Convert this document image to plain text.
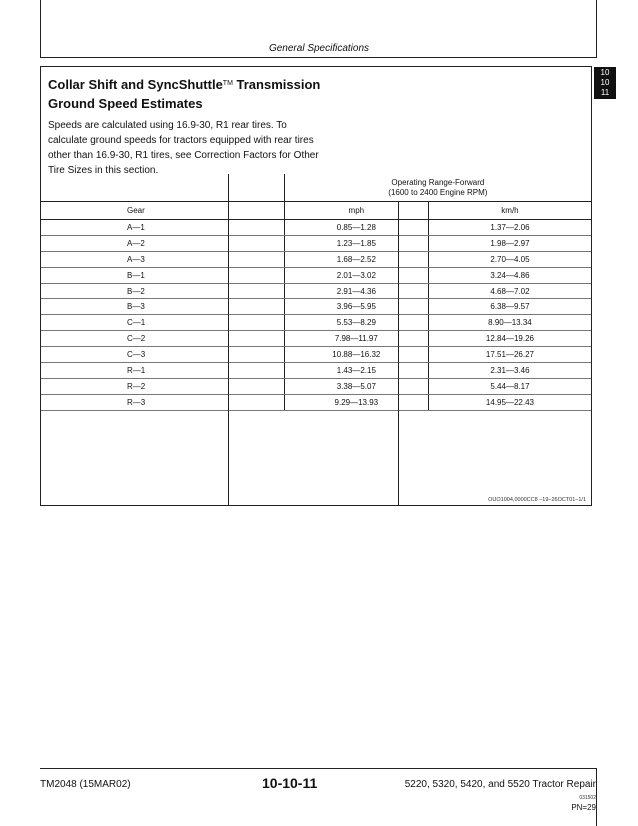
General Specifications
10
10
11
Collar Shift and SyncShuttle™ Transmission
Ground Speed Estimates
Speeds are calculated using 16.9-30, R1 rear tires. To calculate ground speeds for tractors equipped with rear tires other than 16.9-30, R1 tires, see Correction Factors for Other Tire Sizes in this section.
	Operating Range-Forward
(1600 to 2400 Engine RPM)	
Gear	mph	km/h
A—1	0.85—1.28	1.37—2.06
A—2	1.23—1.85	1.98—2.97
A—3	1.68—2.52	2.70—4.05
B—1	2.01—3.02	3.24—4.86
B—2	2.91—4.36	4.68—7.02
B—3	3.96—5.95	6.38—9.57
C—1	5.53—8.29	8.90—13.34
C—2	7.98—11.97	12.84—19.26
C—3	10.88—16.32	17.51—26.27
R—1	1.43—2.15	2.31—3.46
R—2	3.38—5.07	5.44—8.17
R—3	9.29—13.93	14.95—22.43
OUO1004,0000CC8 –19–26OCT01–1/1
TM2048 (15MAR02)	10-10-11	5220, 5320, 5420, and 5520 Tractor Repair
031502
PN=29
